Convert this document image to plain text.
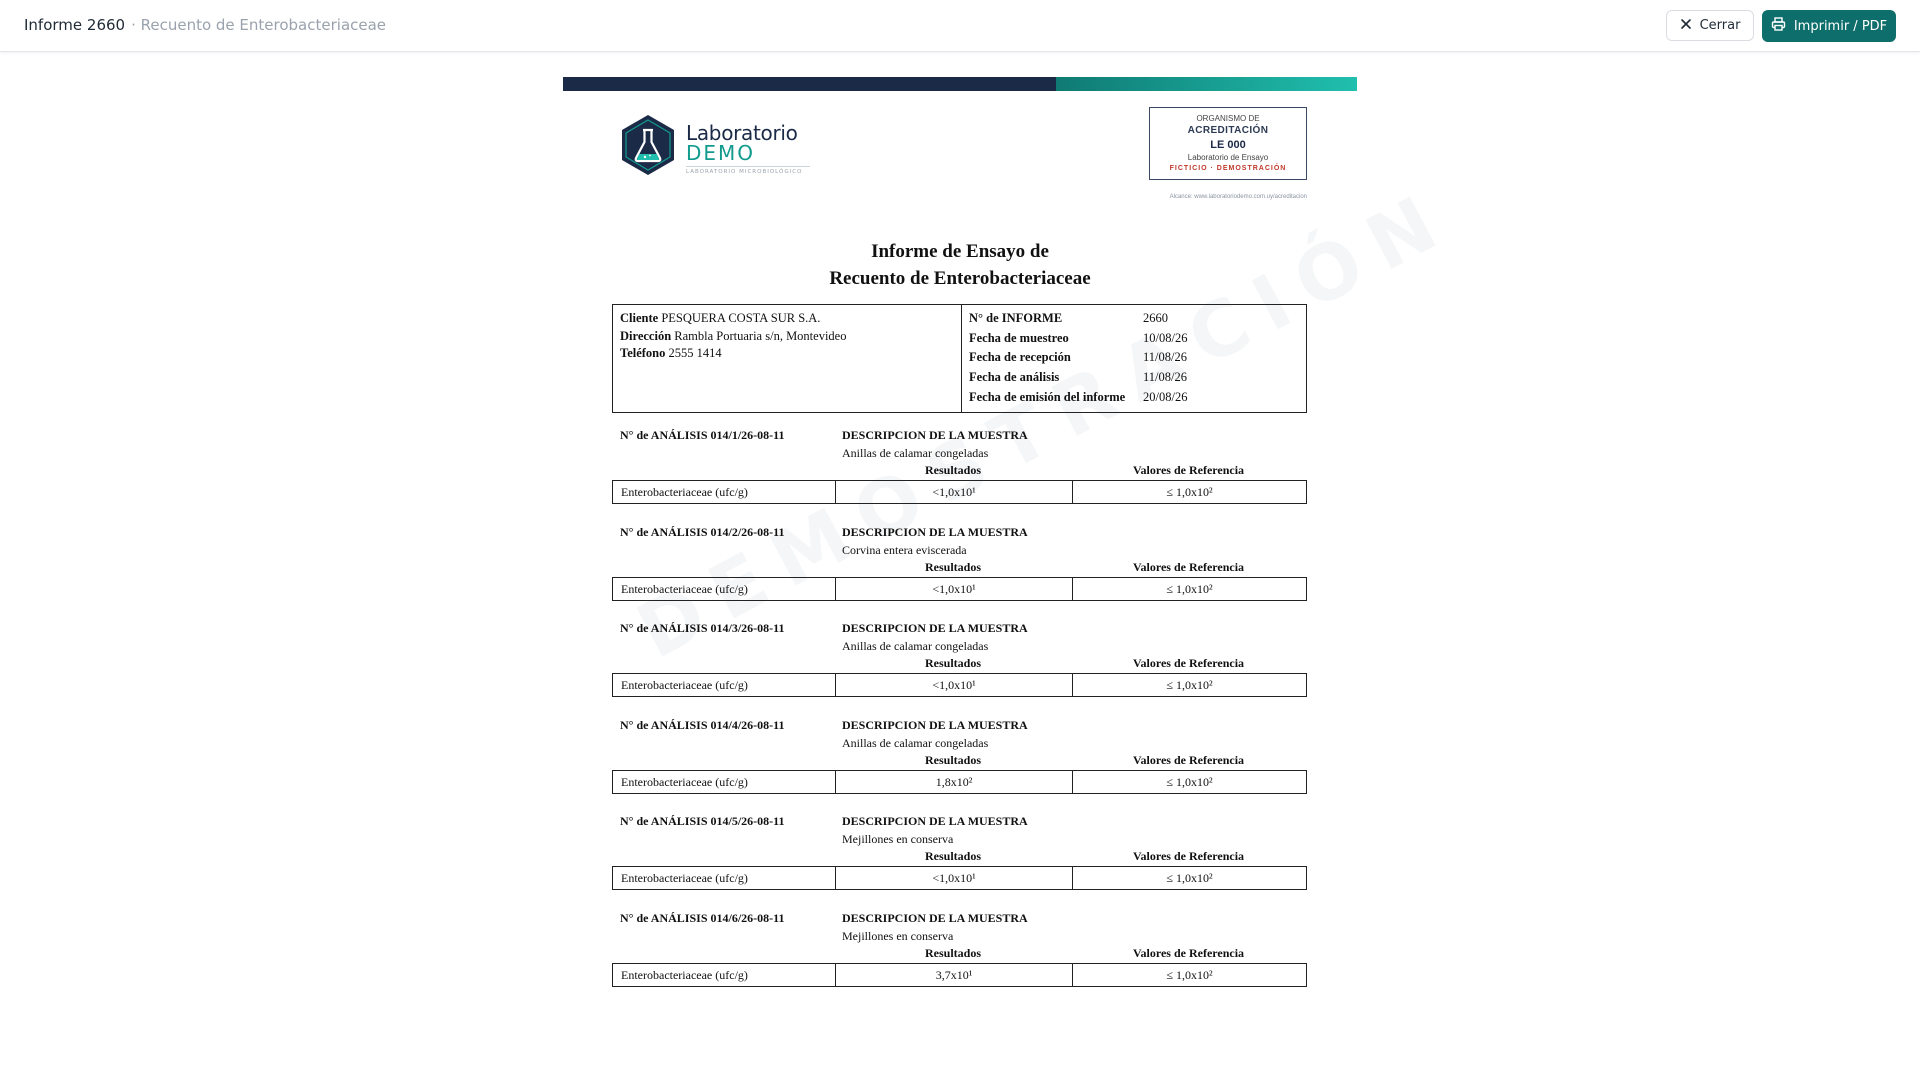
Informe 2660 · Recuento de Enterobacteriaceae	Cerrar	Imprimir / PDF
Laboratorio
DEMO
LABORATORIO MICROBIOLÓGICO
ORGANISMO DE
ACREDITACIÓN
LE 000
Laboratorio de Ensayo
FICTICIO · DEMOSTRACIÓN
Alcance: www.laboratoriodemo.com.uy/acreditacion
Informe de Ensayo de
Recuento de Enterobacteriaceae
Cliente PESQUERA COSTA SUR S.A.
Dirección Rambla Portuaria s/n, Montevideo
Teléfono 2555 1414
N° de INFORME	2660
Fecha de muestreo	10/08/26
Fecha de recepción	11/08/26
Fecha de análisis	11/08/26
Fecha de emisión del informe 20/08/26
N° de ANÁLISIS 014/1/26-08-11	DESCRIPCION DE LA MUESTRA
Anillas de calamar congeladas
Resultados	Valores de Referencia
Enterobacteriaceae (ufc/g)	<1,0x10¹	≤ 1,0x10²
N° de ANÁLISIS 014/2/26-08-11	DESCRIPCION DE LA MUESTRA
Corvina entera eviscerada
Resultados	Valores de Referencia
Enterobacteriaceae (ufc/g)	<1,0x10¹	≤ 1,0x10²
N° de ANÁLISIS 014/3/26-08-11	DESCRIPCION DE LA MUESTRA
Anillas de calamar congeladas
Resultados	Valores de Referencia
Enterobacteriaceae (ufc/g)	<1,0x10¹	≤ 1,0x10²
N° de ANÁLISIS 014/4/26-08-11	DESCRIPCION DE LA MUESTRA
Anillas de calamar congeladas
Resultados	Valores de Referencia
Enterobacteriaceae (ufc/g)	1,8x10²	≤ 1,0x10²
N° de ANÁLISIS 014/5/26-08-11	DESCRIPCION DE LA MUESTRA
Mejillones en conserva
Resultados	Valores de Referencia
Enterobacteriaceae (ufc/g)	<1,0x10¹	≤ 1,0x10²
N° de ANÁLISIS 014/6/26-08-11	DESCRIPCION DE LA MUESTRA
Mejillones en conserva
Resultados	Valores de Referencia
Enterobacteriaceae (ufc/g)	3,7x10¹	≤ 1,0x10²
